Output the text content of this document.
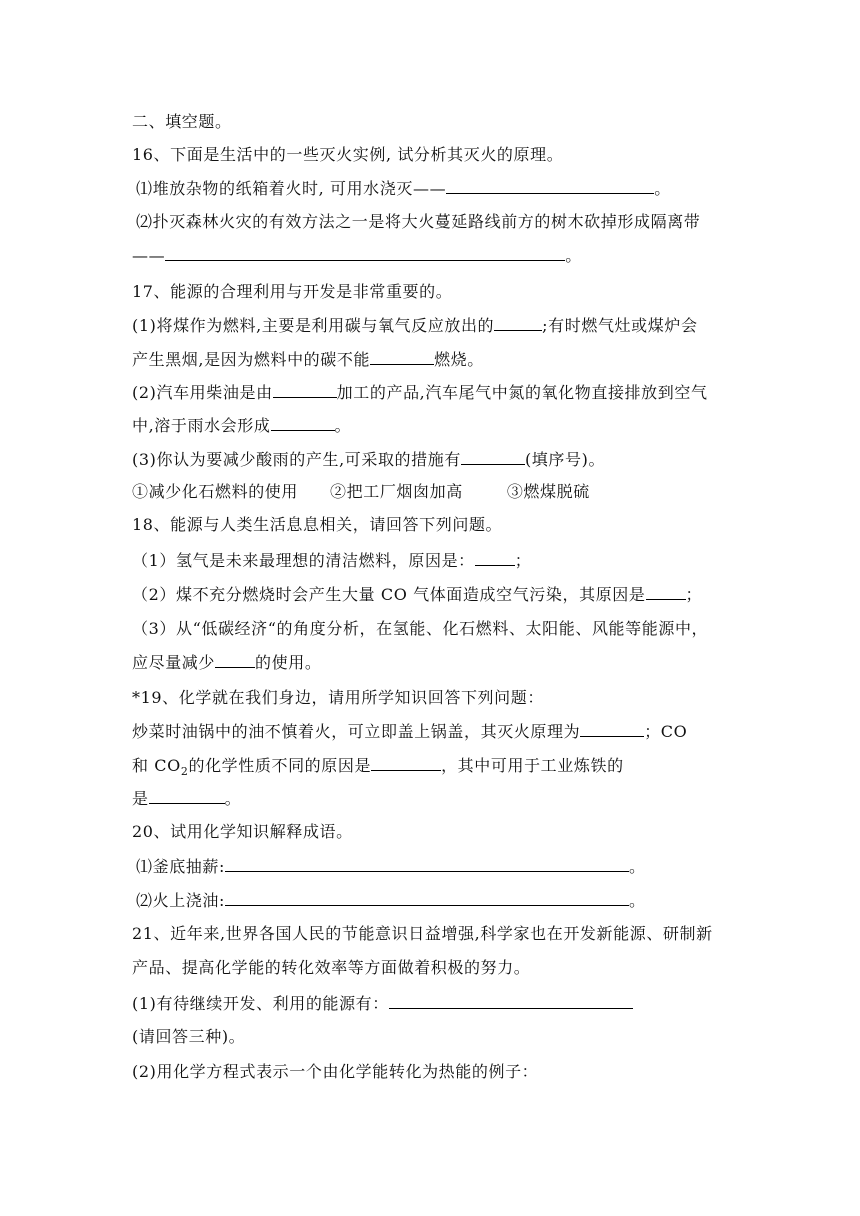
二、填空题。
16、下面是生活中的一些灭火实例, 试分析其灭火的原理。
⑴堆放杂物的纸箱着火时, 可用水浇灭——	。
⑵扑灭森林火灾的有效方法之一是将大火蔓延路线前方的树木砍掉形成隔离带
——	。
17、能源的合理利用与开发是非常重要的。
(1)将煤作为燃料,主要是利用碳与氧气反应放出的	;有时燃气灶或煤炉会
产生黑烟,是因为燃料中的碳不能	燃烧。
(2)汽车用柴油是由	加工的产品,汽车尾气中氮的氧化物直接排放到空气
中,溶于雨水会形成	。
(3)你认为要减少酸雨的产生,可采取的措施有	(填序号)。
①减少化石燃料的使用 ②把工厂烟囱加高	③燃煤脱硫
18、能源与人类生活息息相关，请回答下列问题。
（1）氢气是未来最理想的清洁燃料，原因是：	；
（2）煤不充分燃烧时会产生大量 CO 气体面造成空气污染，其原因是	；
（3）从“低碳经济“的角度分析，在氢能、化石燃料、太阳能、风能等能源中，
应尽量减少	的使用。
*19、化学就在我们身边，请用所学知识回答下列问题：
炒菜时油锅中的油不慎着火，可立即盖上锅盖，其灭火原理为	；CO
和 $CO_2$的化学性质不同的原因是	，其中可用于工业炼铁的
是	。
20、试用化学知识解释成语。
⑴釜底抽薪:	。
⑵火上浇油:	。
21、近年来,世界各国人民的节能意识日益增强,科学家也在开发新能源、研制新
产品、提高化学能的转化效率等方面做着积极的努力。
(1)有待继续开发、利用的能源有：
(请回答三种)。
(2)用化学方程式表示一个由化学能转化为热能的例子：
